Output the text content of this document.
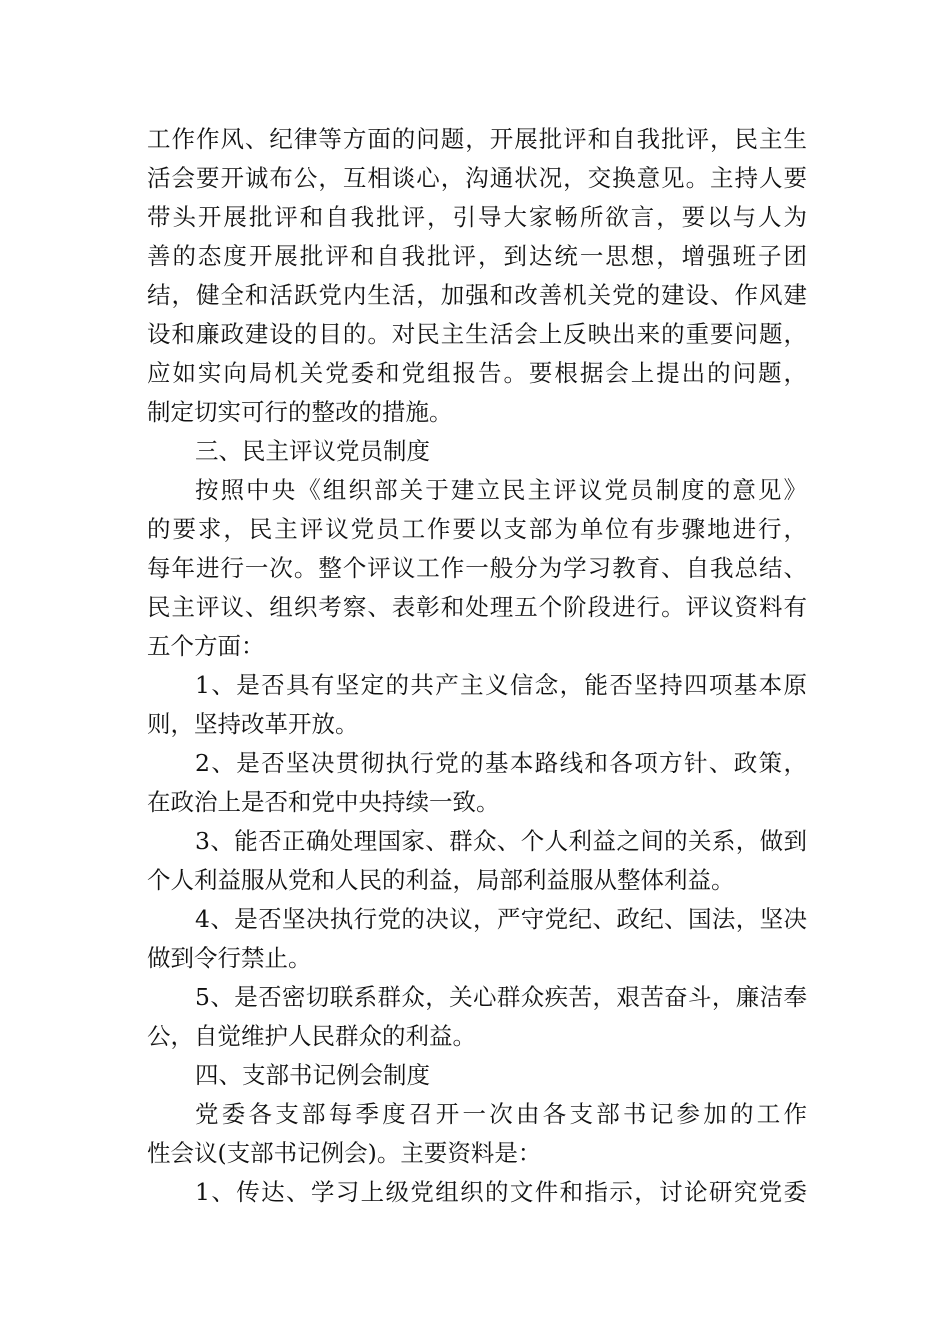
工作作风、纪律等方面的问题，开展批评和自我批评，民主生
活会要开诚布公，互相谈心，沟通状况，交换意见。主持人要
带头开展批评和自我批评，引导大家畅所欲言，要以与人为
善的态度开展批评和自我批评，到达统一思想，增强班子团
结，健全和活跃党内生活，加强和改善机关党的建设、作风建
设和廉政建设的目的。对民主生活会上反映出来的重要问题，
应如实向局机关党委和党组报告。要根据会上提出的问题，
制定切实可行的整改的措施。
三、民主评议党员制度
按照中央《组织部关于建立民主评议党员制度的意见》
的要求，民主评议党员工作要以支部为单位有步骤地进行，
每年进行一次。整个评议工作一般分为学习教育、自我总结、
民主评议、组织考察、表彰和处理五个阶段进行。评议资料有
五个方面：
1、是否具有坚定的共产主义信念，能否坚持四项基本原
则，坚持改革开放。
2、是否坚决贯彻执行党的基本路线和各项方针、政策，
在政治上是否和党中央持续一致。
3、能否正确处理国家、群众、个人利益之间的关系，做到
个人利益服从党和人民的利益，局部利益服从整体利益。
4、是否坚决执行党的决议，严守党纪、政纪、国法，坚决
做到令行禁止。
5、是否密切联系群众，关心群众疾苦，艰苦奋斗，廉洁奉
公，自觉维护人民群众的利益。
四、支部书记例会制度
党委各支部每季度召开一次由各支部书记参加的工作
性会议(支部书记例会)。主要资料是：
1、传达、学习上级党组织的文件和指示，讨论研究党委
